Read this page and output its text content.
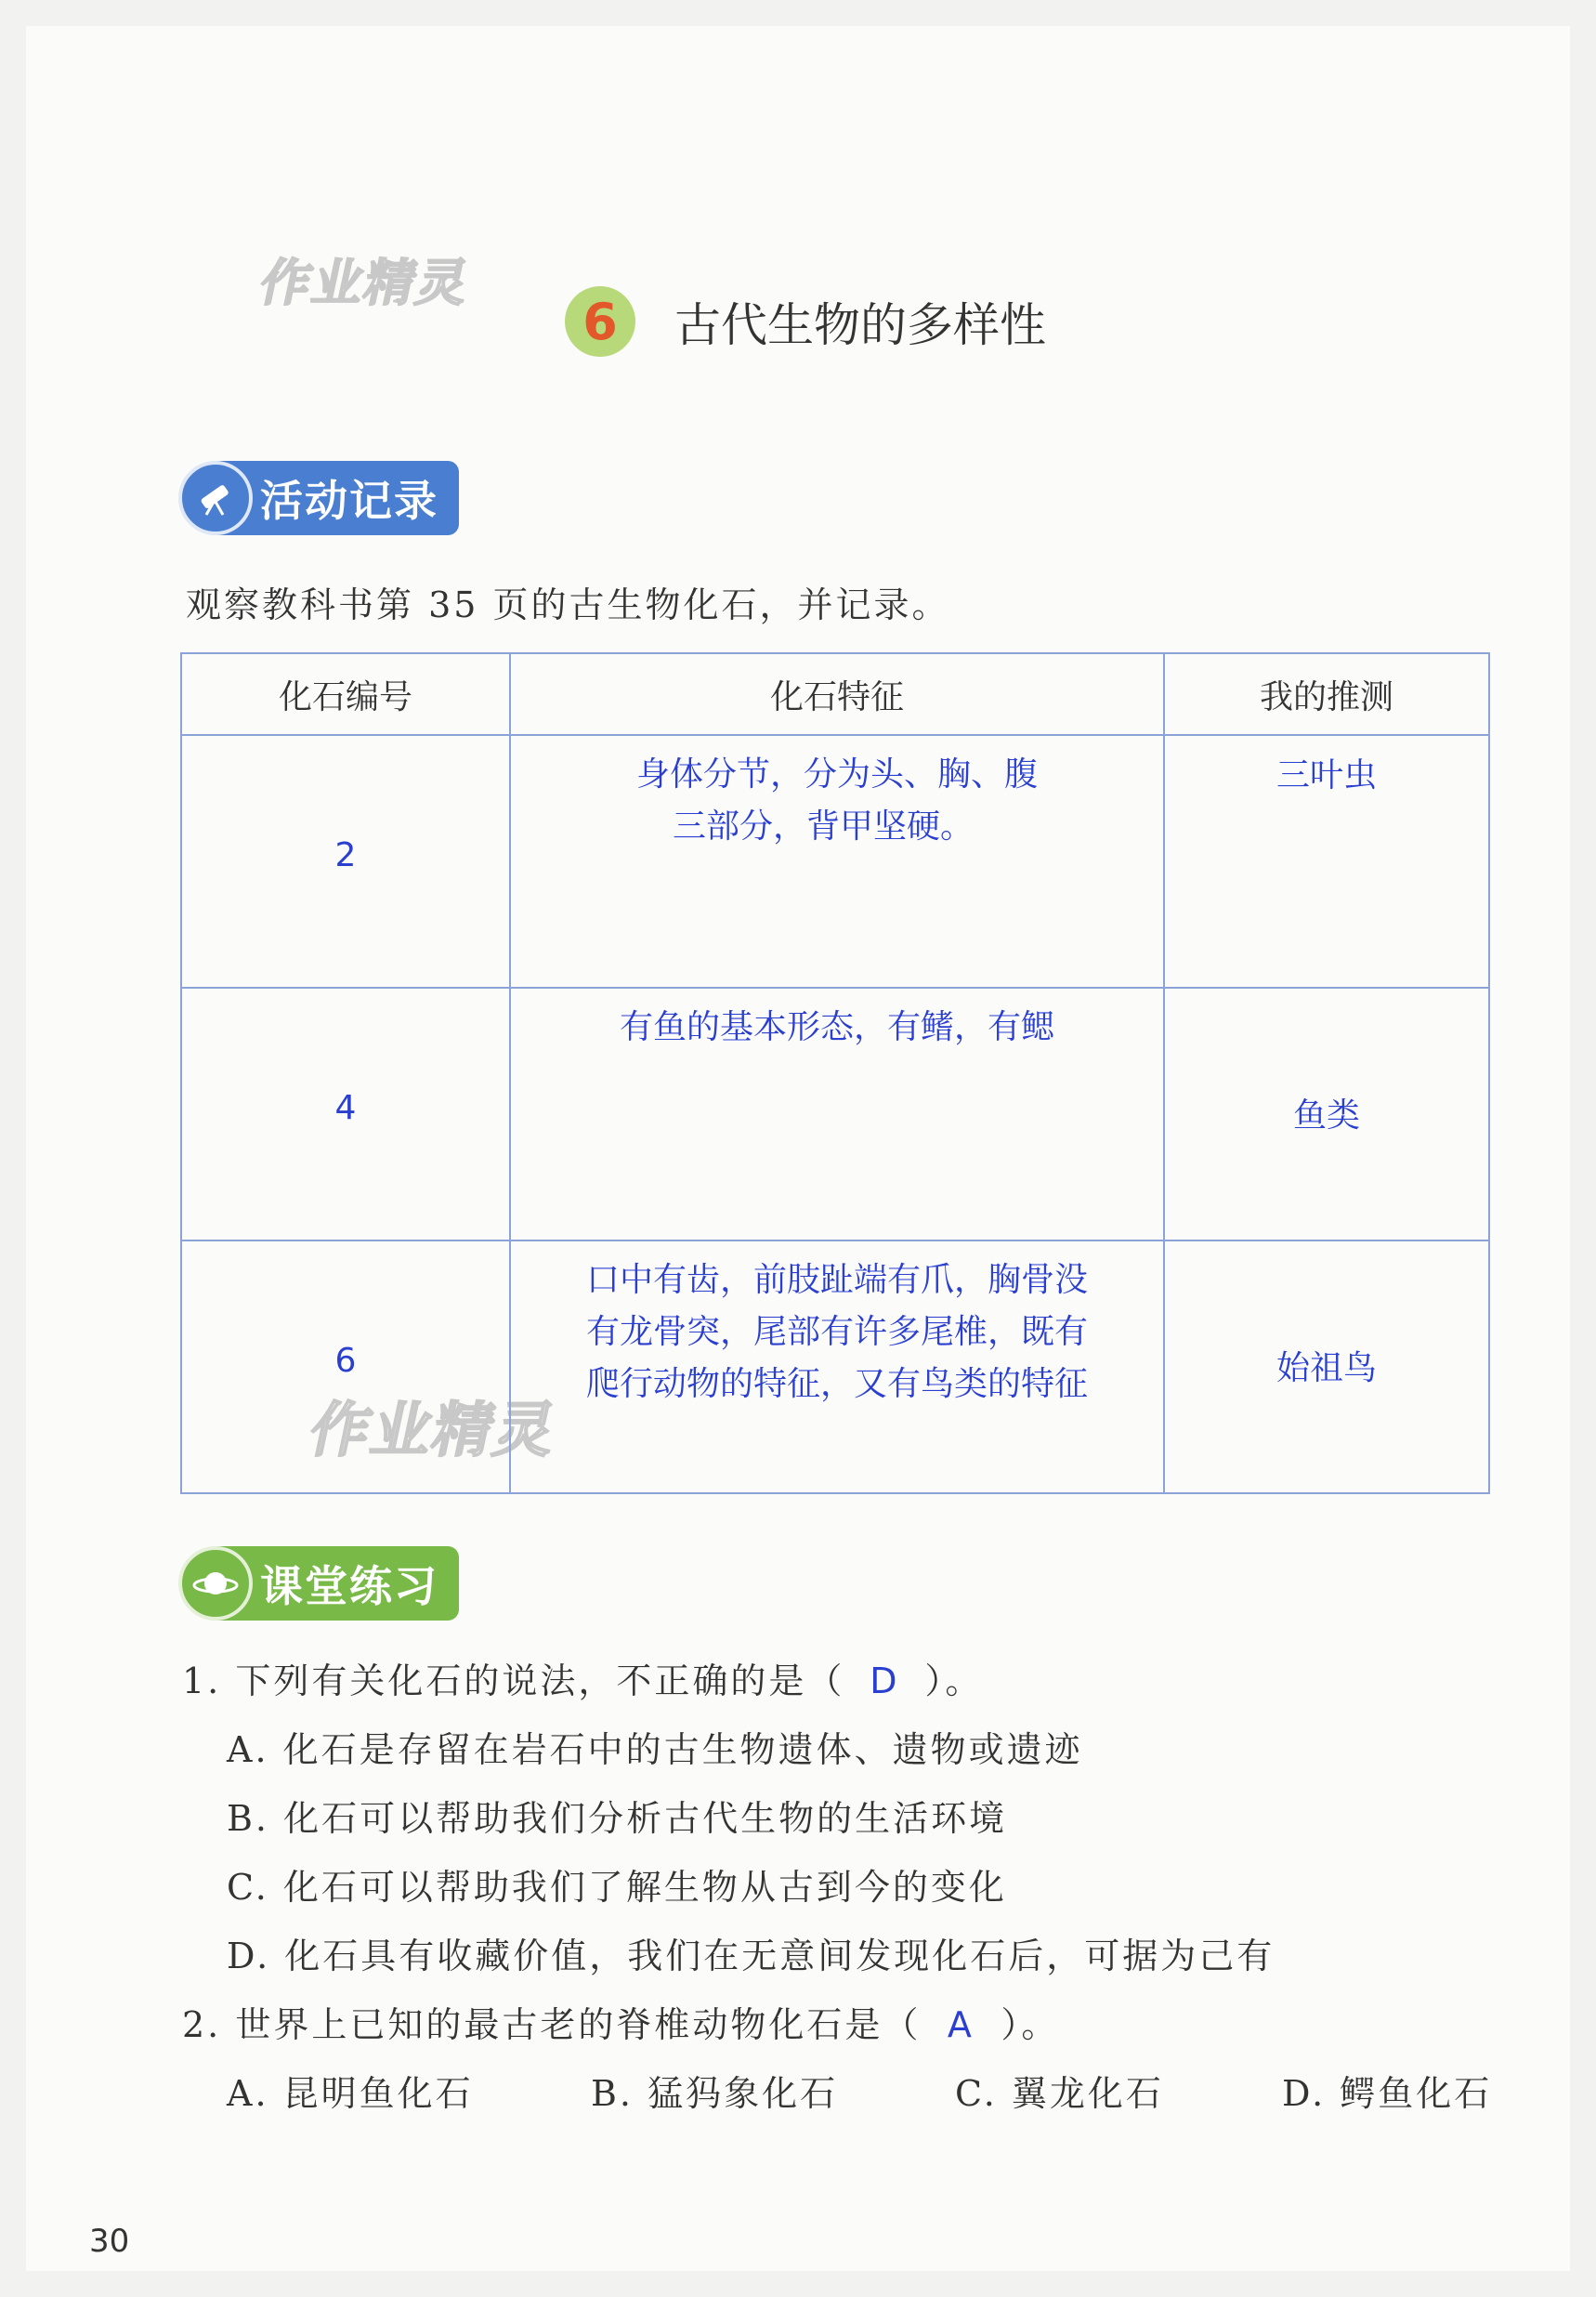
作业精灵
作业精灵
6	古代生物的多样性
活动记录
观察教科书第 35 页的古生物化石，并记录。
化石编号	化石特征	我的推测

2	身体分节，分为头、胸、腹
三部分，背甲坚硬。	三叶虫

4	有鱼的基本形态，有鳍，有鳃	鱼类

6	口中有齿，前肢趾端有爪，胸骨没
有龙骨突，尾部有许多尾椎，既有
爬行动物的特征，又有鸟类的特征	始祖鸟
课堂练习
1. 下列有关化石的说法，不正确的是（ D ）。
A. 化石是存留在岩石中的古生物遗体、遗物或遗迹
B. 化石可以帮助我们分析古代生物的生活环境
C. 化石可以帮助我们了解生物从古到今的变化
D. 化石具有收藏价值，我们在无意间发现化石后，可据为己有
2. 世界上已知的最古老的脊椎动物化石是（ A ）。
A. 昆明鱼化石	B. 猛犸象化石	C. 翼龙化石	D. 鳄鱼化石
30
